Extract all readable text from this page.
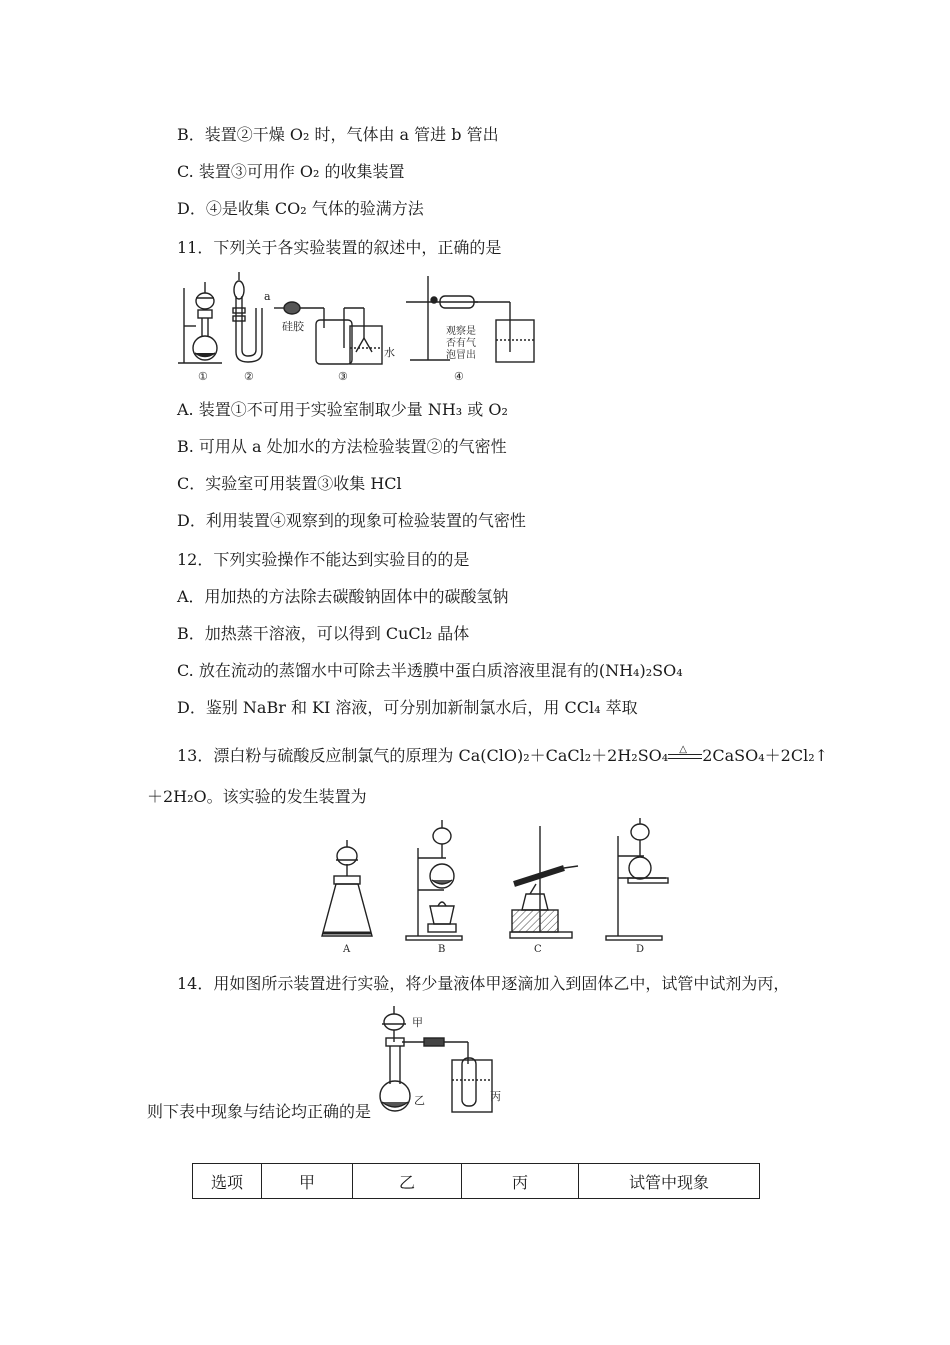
B．装置②干燥 O₂ 时，气体由 a 管进 b 管出
C. 装置③可用作 O₂ 的收集装置
D．④是收集 CO₂ 气体的验满方法
11．下列关于各实验装置的叙述中，正确的是
a
硅胶
水
观察是
否有气
泡冒出
①	②	③	④
A. 装置①不可用于实验室制取少量 NH₃ 或 O₂
B. 可用从 a 处加水的方法检验装置②的气密性
C．实验室可用装置③收集 HCl
D．利用装置④观察到的现象可检验装置的气密性
12．下列实验操作不能达到实验目的的是
A．用加热的方法除去碳酸钠固体中的碳酸氢钠
B．加热蒸干溶液，可以得到 CuCl₂ 晶体
C. 放在流动的蒸馏水中可除去半透膜中蛋白质溶液里混有的(NH₄)₂SO₄
D．鉴别 NaBr 和 KI 溶液，可分别加新制氯水后，用 CCl₄ 萃取
13．漂白粉与硫酸反应制氯气的原理为 Ca(ClO)₂＋CaCl₂＋2H₂SO₄ △ 2CaSO₄＋2Cl₂↑
＋2H₂O。该实验的发生装置为
A	B	C	D
14．用如图所示装置进行实验，将少量液体甲逐滴加入到固体乙中，试管中试剂为丙，
甲
乙	丙
则下表中现象与结论均正确的是
选项	甲	乙	丙	试管中现象
